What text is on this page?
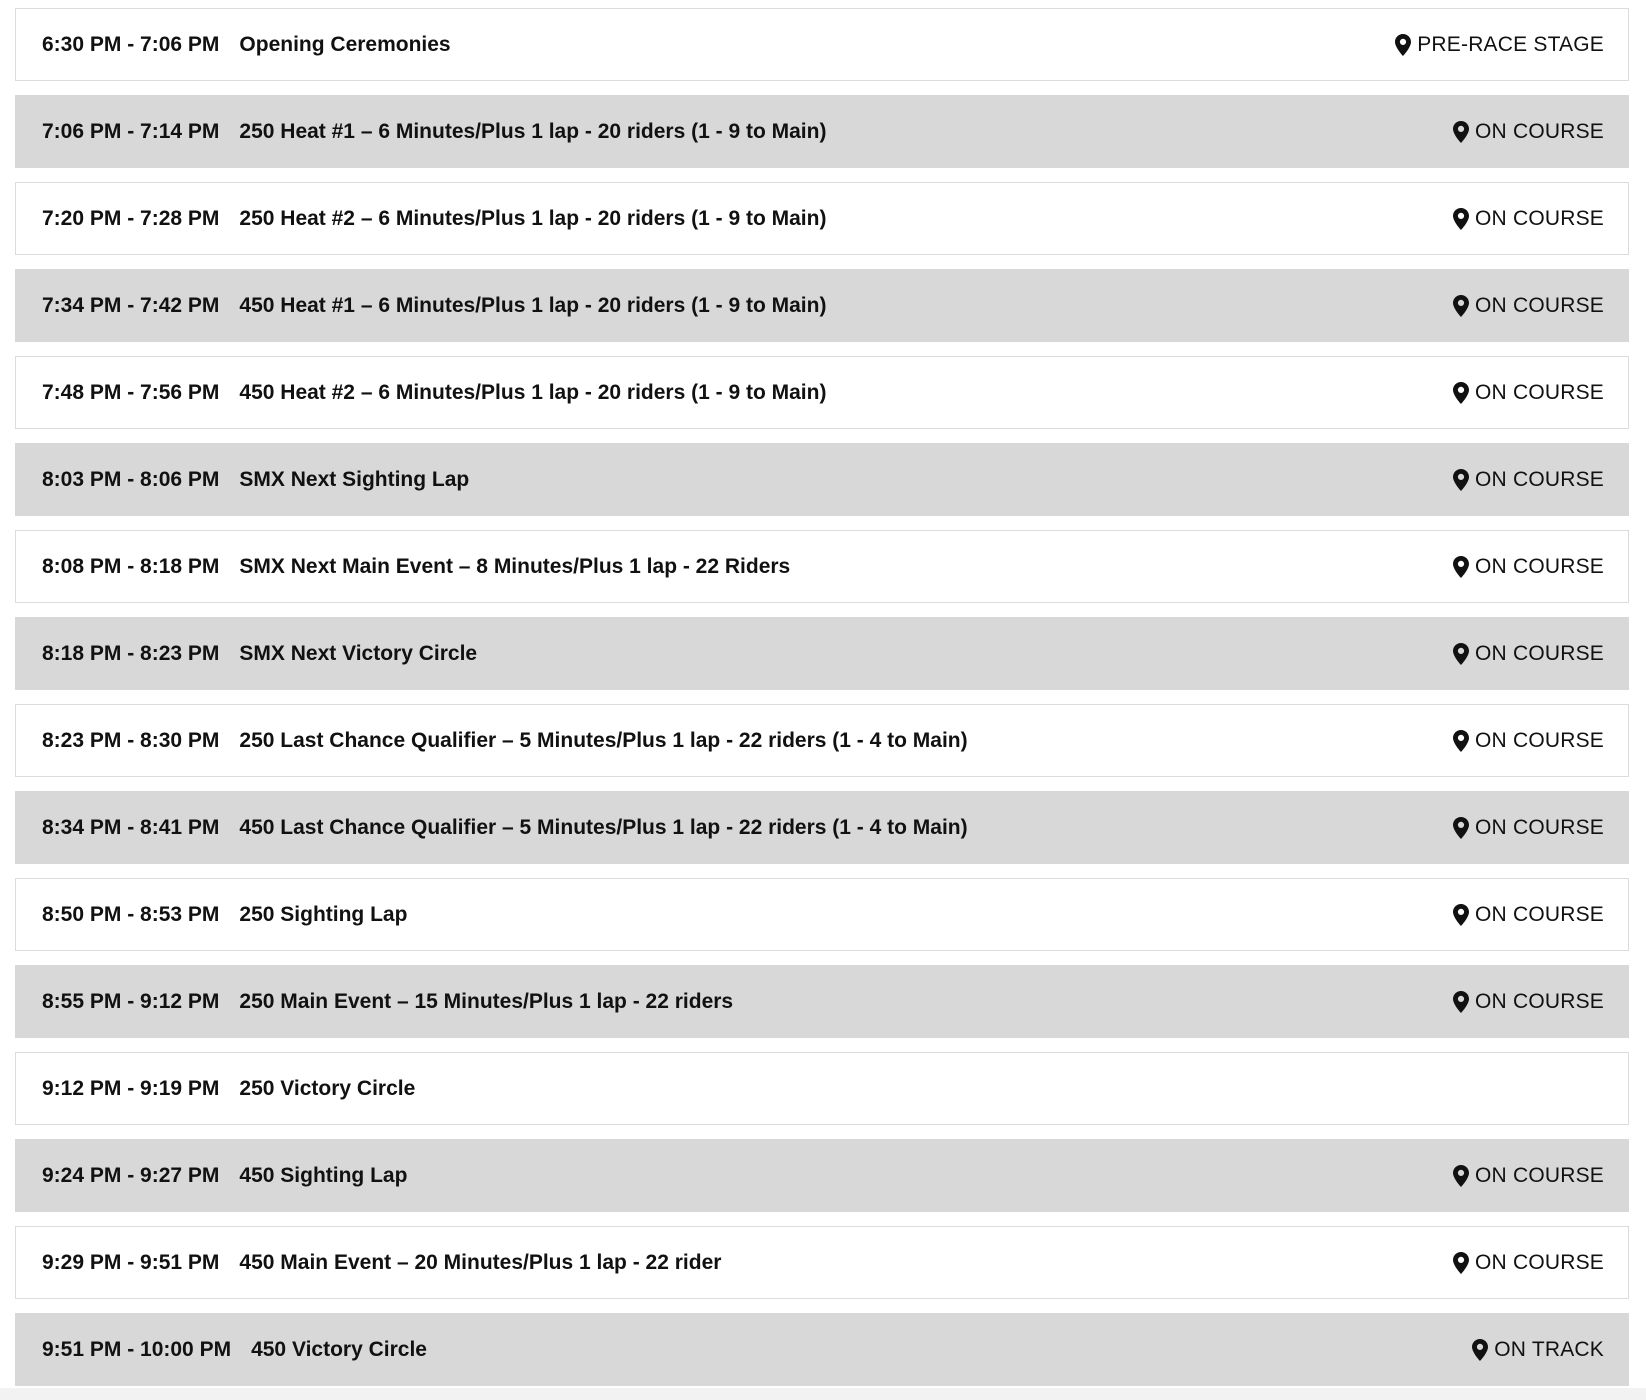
6:30 PM - 7:06 PM Opening Ceremonies	PRE-RACE STAGE
7:06 PM - 7:14 PM 250 Heat #1 – 6 Minutes/Plus 1 lap - 20 riders (1 - 9 to Main)	ON COURSE
7:20 PM - 7:28 PM 250 Heat #2 – 6 Minutes/Plus 1 lap - 20 riders (1 - 9 to Main)	ON COURSE
7:34 PM - 7:42 PM 450 Heat #1 – 6 Minutes/Plus 1 lap - 20 riders (1 - 9 to Main)	ON COURSE
7:48 PM - 7:56 PM 450 Heat #2 – 6 Minutes/Plus 1 lap - 20 riders (1 - 9 to Main)	ON COURSE
8:03 PM - 8:06 PM SMX Next Sighting Lap	ON COURSE
8:08 PM - 8:18 PM SMX Next Main Event – 8 Minutes/Plus 1 lap - 22 Riders	ON COURSE
8:18 PM - 8:23 PM SMX Next Victory Circle	ON COURSE
8:23 PM - 8:30 PM 250 Last Chance Qualifier – 5 Minutes/Plus 1 lap - 22 riders (1 - 4 to Main)	ON COURSE
8:34 PM - 8:41 PM 450 Last Chance Qualifier – 5 Minutes/Plus 1 lap - 22 riders (1 - 4 to Main)	ON COURSE
8:50 PM - 8:53 PM 250 Sighting Lap	ON COURSE
8:55 PM - 9:12 PM 250 Main Event – 15 Minutes/Plus 1 lap - 22 riders	ON COURSE
9:12 PM - 9:19 PM 250 Victory Circle
9:24 PM - 9:27 PM 450 Sighting Lap	ON COURSE
9:29 PM - 9:51 PM 450 Main Event – 20 Minutes/Plus 1 lap - 22 rider	ON COURSE
9:51 PM - 10:00 PM 450 Victory Circle	ON TRACK
